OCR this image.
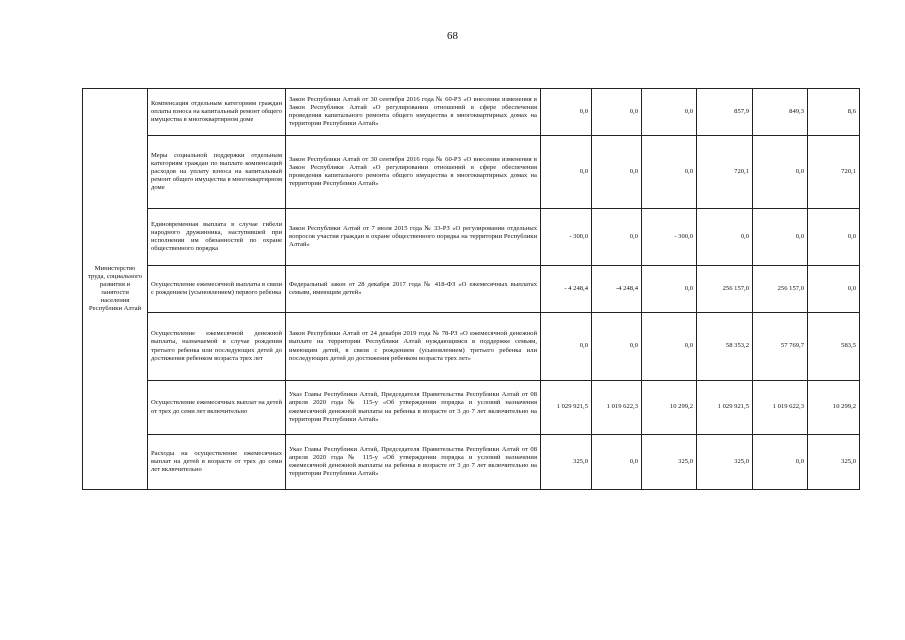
68
Министерство труда, социального развития и занятости населения Республики Алтай	Компенсация отдельным категориям граждан оплаты взноса на капитальный ремонт общего имущества в многоквартирном доме	Закон Республики Алтай от 30 сентября 2016 года № 60-РЗ «О внесении изменения в Закон Республики Алтай «О регулировании отношений в сфере обеспечения проведения капитального ремонта общего имущества в многоквартирных домах на территории Республики Алтай»	0,0	0,0	0,0	857,9	849,3	8,6
	Меры социальной поддержки отдельным категориям граждан по выплате компенсаций расходов на уплату взноса на капитальный ремонт общего имущества в многоквартирном доме	Закон Республики Алтай от 30 сентября 2016 года № 60-РЗ «О внесении изменения в Закон Республики Алтай «О регулировании отношений в сфере обеспечения проведения капитального ремонта общего имущества в многоквартирных домах на территории Республики Алтай»	0,0	0,0	0,0	720,1	0,0	720,1
	Единовременная выплата в случае гибели народного дружинника, наступившей при исполнении им обязанностей по охране общественного порядка	Закон Республики Алтай от 7 июля 2015 года № 33-РЗ «О регулировании отдельных вопросов участия граждан в охране общественного порядка на территории Республики Алтай»	- 300,0	0,0	- 300,0	0,0	0,0	0,0
	Осуществление ежемесячной выплаты в связи с рождением (усыновлением) первого ребенка	Федеральный закон от 28 декабря 2017 года № 418-ФЗ «О ежемесячных выплатах семьям, имеющим детей»	- 4 248,4	-4 248,4	0,0	256 157,0	256 157,0	0,0
	Осуществление ежемесячной денежной выплаты, назначаемой в случае рождения третьего ребенка или последующих детей до достижения ребенком возраста трех лет	Закон Республики Алтай от 24 декабря 2019 года № 78-РЗ «О ежемесячной денежной выплате на территории Республики Алтай нуждающимся в поддержке семьям, имеющим детей, в связи с рождением (усыновлением) третьего ребенка или последующих детей до достижения ребенком возраста трех лет»	0,0	0,0	0,0	58 353,2	57 769,7	583,5
	Осуществление ежемесячных выплат на детей от трех до семи лет включительно	Указ Главы Республики Алтай, Председателя Правительства Республики Алтай от 08 апреля 2020 года № 115-у «Об утверждении порядка и условий назначения ежемесячной денежной выплаты на ребенка в возрасте от 3 до 7 лет включительно на территории Республики Алтай»	1 029 921,5	1 019 622,3	10 299,2	1 029 921,5	1 019 622,3	10 299,2
	Расходы на осуществление ежемесячных выплат на детей в возрасте от трех до семи лет включительно	Указ Главы Республики Алтай, Председателя Правительства Республики Алтай от 08 апреля 2020 года № 115-у «Об утверждении порядка и условий назначения ежемесячной денежной выплаты на ребенка в возрасте от 3 до 7 лет включительно на территории Республики Алтай»	325,0	0,0	325,0	325,0	0,0	325,0
